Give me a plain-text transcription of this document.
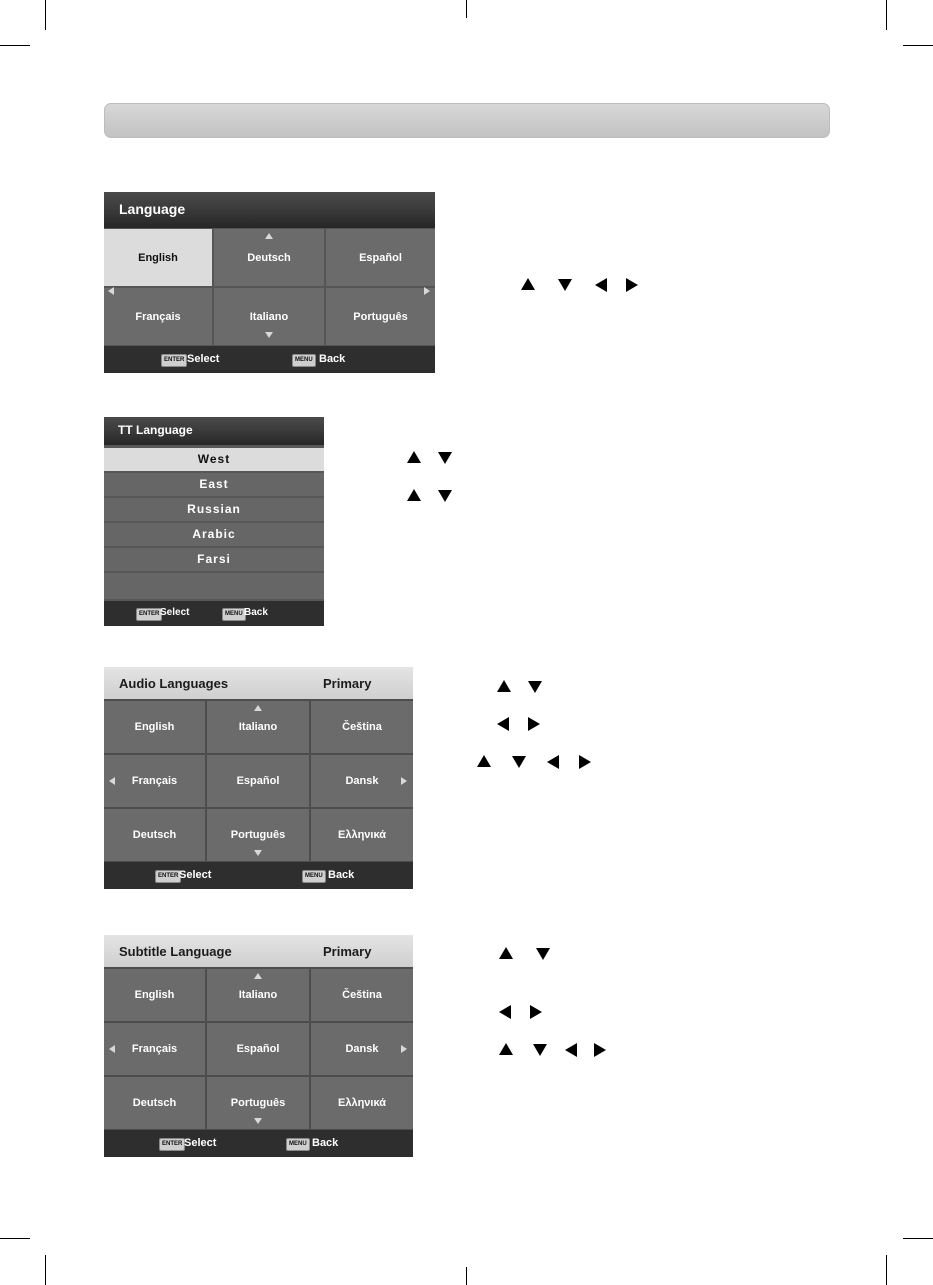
Language
English	Deutsch	Español
Français	Italiano	Português
ENTER Select	MENU Back
TT Language
West
East
Russian
Arabic
Farsi
ENTER Select	MENU Back
Audio Languages	Primary
English	Italiano	Čeština
Français	Español	Dansk
Deutsch	Português	Ελληνικά
ENTER Select	MENU Back
Subtitle Language	Primary
English	Italiano	Čeština
Français	Español	Dansk
Deutsch	Português	Ελληνικά
ENTER Select	MENU Back
